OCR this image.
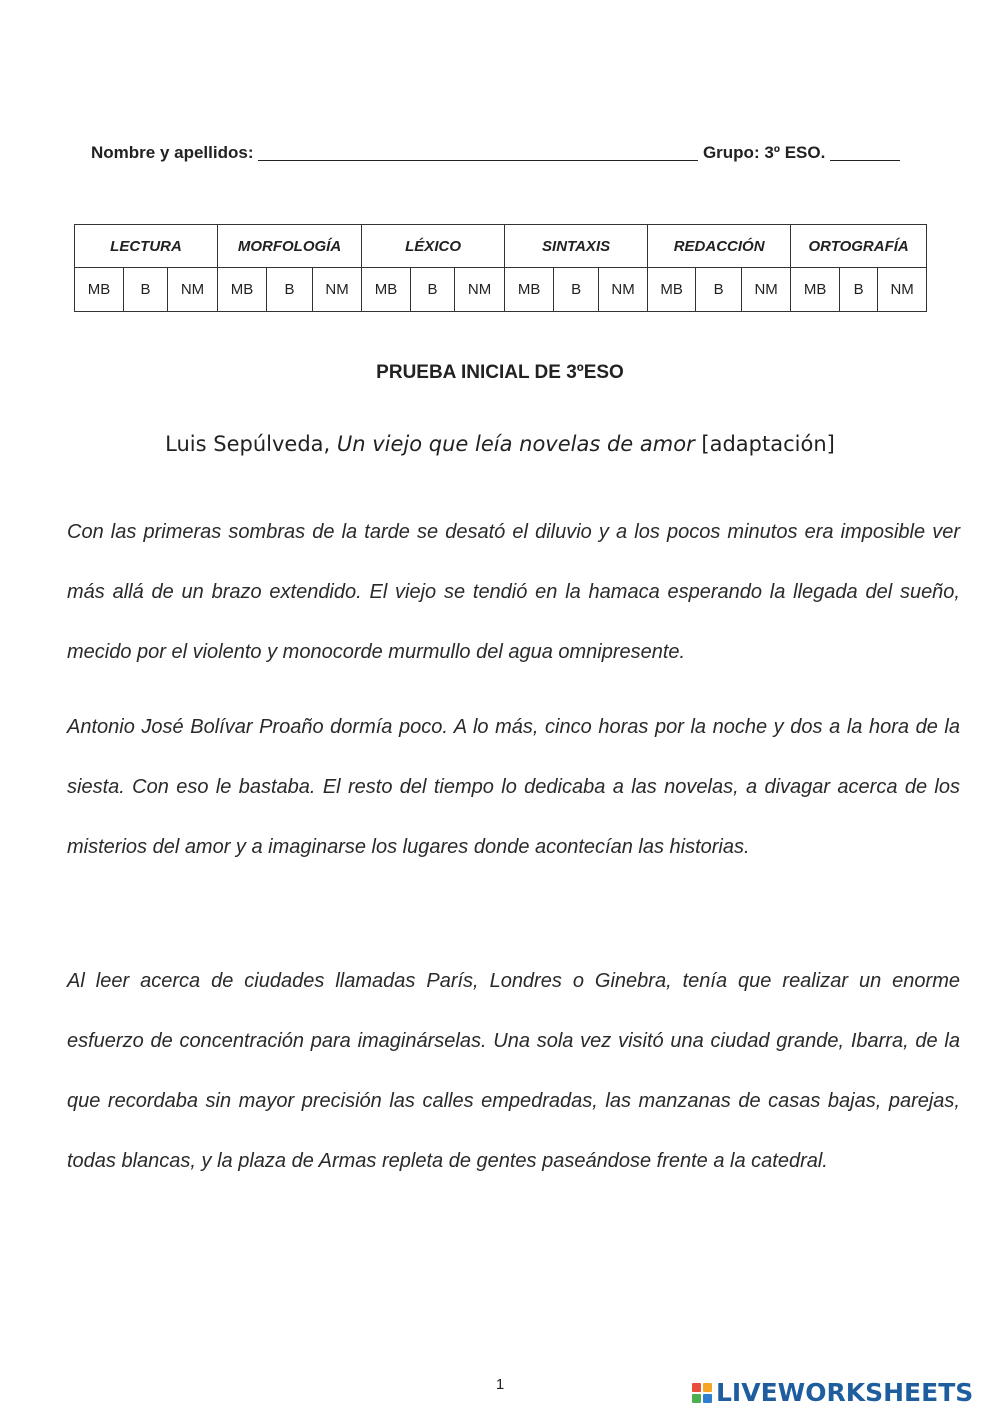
Nombre y apellidos:	Grupo: 3º ESO.
LECTURA			MORFOLOGÍA			LÉXICO			SINTAXIS			REDACCIÓN			ORTOGRAFÍA		
MB	B	NM	MB	B	NM	MB	B	NM	MB	B	NM	MB	B	NM	MB	B	NM
PRUEBA INICIAL DE 3ºESO
Luis Sepúlveda, Un viejo que leía novelas de amor [adaptación]

Con las primeras sombras de la tarde se desató el diluvio y a los pocos minutos era imposible ver más allá de un brazo extendido. El viejo se tendió en la hamaca esperando la llegada del sueño, mecido por el violento y monocorde murmullo del agua omnipresente.

Antonio José Bolívar Proaño dormía poco. A lo más, cinco horas por la noche y dos a la hora de la siesta. Con eso le bastaba. El resto del tiempo lo dedicaba a las novelas, a divagar acerca de los misterios del amor y a imaginarse los lugares donde acontecían las historias.

Al leer acerca de ciudades llamadas París, Londres o Ginebra, tenía que realizar un enorme esfuerzo de concentración para imaginárselas. Una sola vez visitó una ciudad grande, Ibarra, de la que recordaba sin mayor precisión las calles empedradas, las manzanas de casas bajas, parejas, todas blancas, y la plaza de Armas repleta de gentes paseándose frente a la catedral.

1	LIVEWORKSHEETS
